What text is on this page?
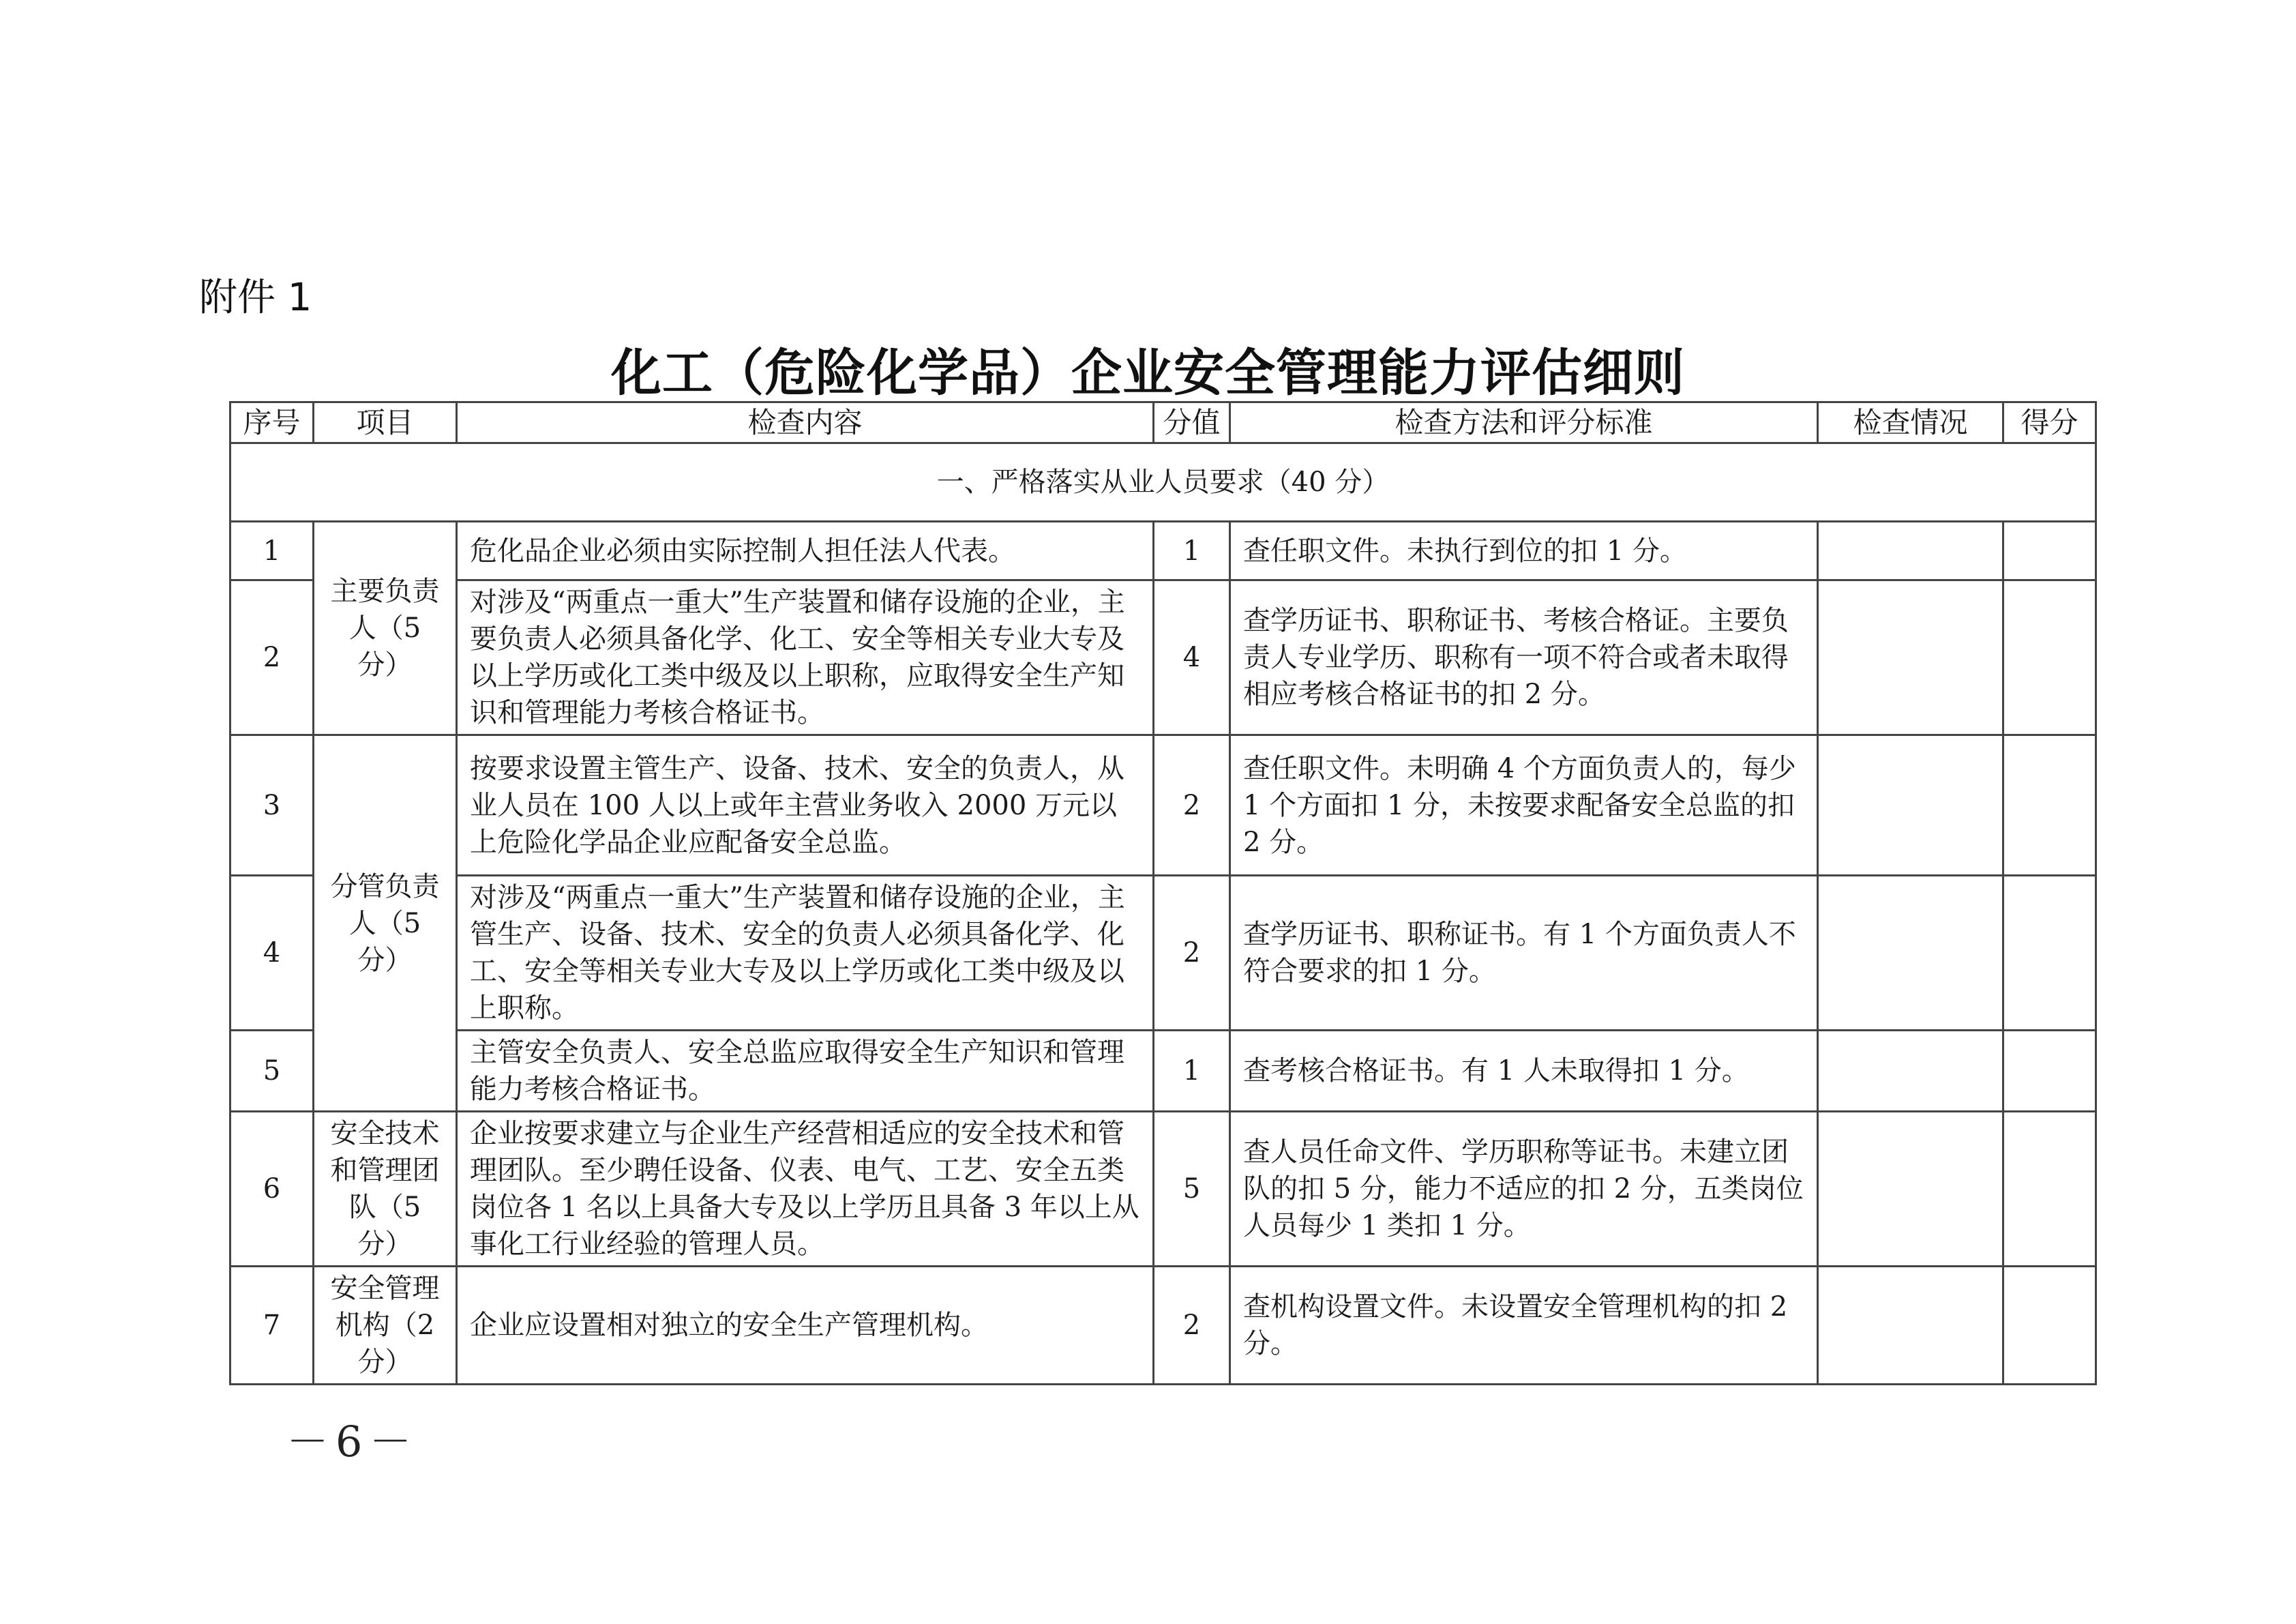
附件 1
化工（危险化学品）企业安全管理能力评估细则
序号	项目	检查内容	分值	检查方法和评分标准	检查情况	得分
一、严格落实从业人员要求（40 分）						
1	主要负责人（5 分）	危化品企业必须由实际控制人担任法人代表。	1	查任职文件。未执行到位的扣 1 分。		
2		对涉及“两重点一重大”生产装置和储存设施的企业，主要负责人必须具备化学、化工、安全等相关专业大专及以上学历或化工类中级及以上职称，应取得安全生产知识和管理能力考核合格证书。	4	查学历证书、职称证书、考核合格证。主要负责人专业学历、职称有一项不符合或者未取得相应考核合格证书的扣 2 分。		
3	分管负责人（5 分）	按要求设置主管生产、设备、技术、安全的负责人，从业人员在 100 人以上或年主营业务收入 2000 万元以上危险化学品企业应配备安全总监。	2	查任职文件。未明确 4 个方面负责人的，每少 1 个方面扣 1 分，未按要求配备安全总监的扣 2 分。		
4		对涉及“两重点一重大”生产装置和储存设施的企业，主管生产、设备、技术、安全的负责人必须具备化学、化工、安全等相关专业大专及以上学历或化工类中级及以上职称。	2	查学历证书、职称证书。有 1 个方面负责人不符合要求的扣 1 分。		
5		主管安全负责人、安全总监应取得安全生产知识和管理能力考核合格证书。	1	查考核合格证书。有 1 人未取得扣 1 分。		
6	安全技术和管理团队（5 分）	企业按要求建立与企业生产经营相适应的安全技术和管理团队。至少聘任设备、仪表、电气、工艺、安全五类岗位各 1 名以上具备大专及以上学历且具备 3 年以上从事化工行业经验的管理人员。	5	查人员任命文件、学历职称等证书。未建立团队的扣 5 分，能力不适应的扣 2 分，五类岗位人员每少 1 类扣 1 分。		
7	安全管理机构（2 分）	企业应设置相对独立的安全生产管理机构。	2	查机构设置文件。未设置安全管理机构的扣 2 分。		
－6－
